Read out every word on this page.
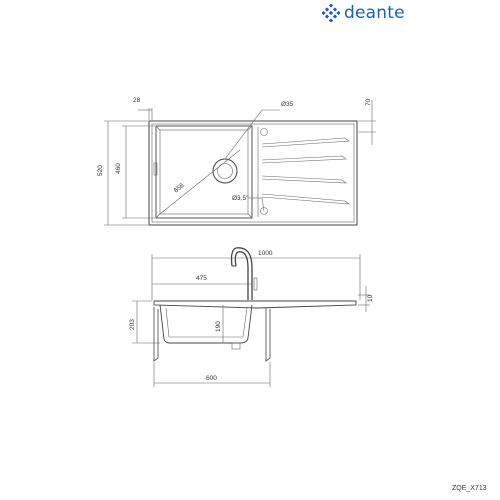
deante
28
Ø35	70
520 460
656
Ø3,5"
1000
475
10
203	190
600
ZQE_X713
